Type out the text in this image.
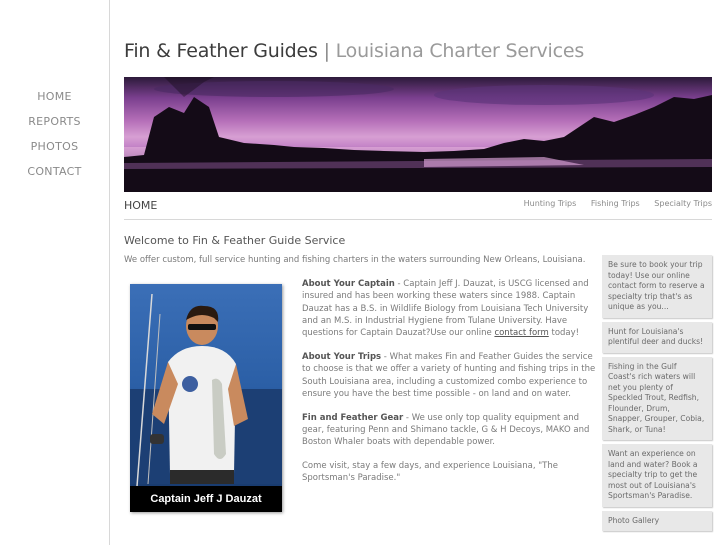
HOME
REPORTS
PHOTOS
CONTACT
Fin & Feather Guides | Louisiana Charter Services
HOME	Hunting Trips Fishing Trips Specialty Trips
Welcome to Fin & Feather Guide Service
We offer custom, full service hunting and fishing charters in the waters surrounding New Orleans, Louisiana.
Captain Jeff J Dauzat

About Your Captain - Captain Jeff J. Dauzat, is USCG licensed and insured and has been working these waters since 1988. Captain Dauzat has a B.S. in Wildlife Biology from Louisiana Tech University and an M.S. in Industrial Hygiene from Tulane University. Have questions for Captain Dauzat?Use our online contact form today!

About Your Trips - What makes Fin and Feather Guides the service to choose is that we offer a variety of hunting and fishing trips in the South Louisiana area, including a customized combo experience to ensure you have the best time possible - on land and on water.

Fin and Feather Gear - We use only top quality equipment and gear, featuring Penn and Shimano tackle, G & H Decoys, MAKO and Boston Whaler boats with dependable power.

Come visit, stay a few days, and experience Louisiana, "The Sportsman's Paradise."

Be sure to book your trip today! Use our online contact form to reserve a specialty trip that's as unique as you...
Hunt for Louisiana's plentiful deer and ducks!
Fishing in the Gulf Coast's rich waters will net you plenty of Speckled Trout, Redfish, Flounder, Drum, Snapper, Grouper, Cobia, Shark, or Tuna!
Want an experience on land and water? Book a specialty trip to get the most out of Louisiana's Sportsman's Paradise.
Photo Gallery
